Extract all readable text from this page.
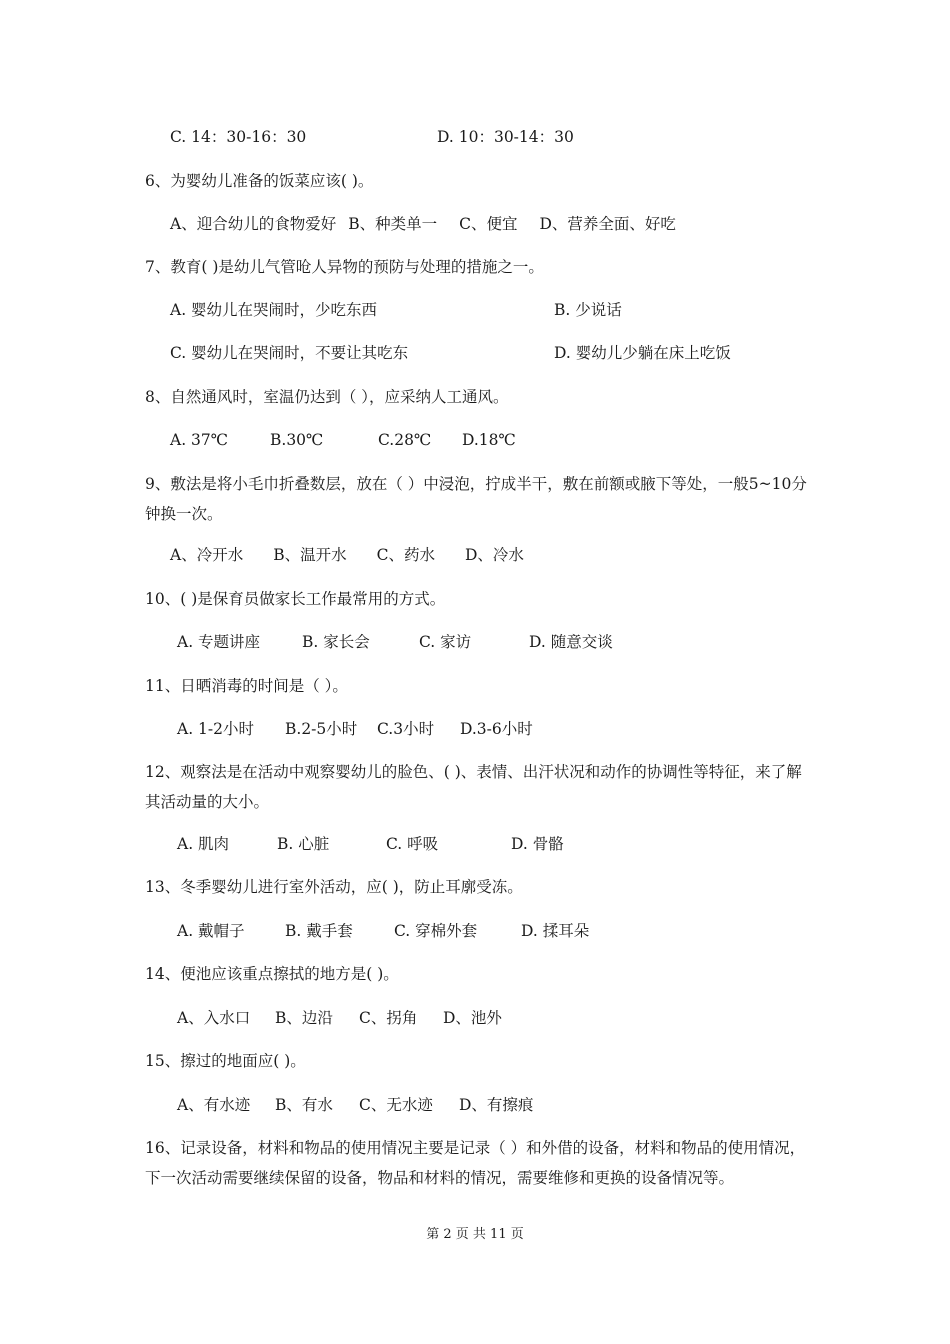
C. 14：30-16：30	D. 10：30-14：30
6、为婴幼儿准备的饭菜应该( )。
A、迎合幼儿的食物爱好 B、种类单一 C、便宜 D、营养全面、好吃
7、教育( )是幼儿气管呛人异物的预防与处理的措施之一。
A. 婴幼儿在哭闹时，少吃东西	B. 少说话
C. 婴幼儿在哭闹时，不要让其吃东	D. 婴幼儿少躺在床上吃饭
8、自然通风时，室温仍达到（ ），应采纳人工通风。
A. 37℃	B.30℃	C.28℃ D.18℃
9、敷法是将小毛巾折叠数层，放在（ ）中浸泡，拧成半干，敷在前额或腋下等处，一般5~10分钟换一次。
A、冷开水 B、温开水 C、药水 D、冷水
10、( )是保育员做家长工作最常用的方式。
A. 专题讲座	B. 家长会	C. 家访	D. 随意交谈
11、日晒消毒的时间是（ ）。
A. 1-2小时 B.2-5小时 C.3小时 D.3-6小时
12、观察法是在活动中观察婴幼儿的脸色、( )、表情、出汗状况和动作的协调性等特征，来了解其活动量的大小。
A. 肌肉	B. 心脏	C. 呼吸	D. 骨骼
13、冬季婴幼儿进行室外活动，应( )，防止耳廓受冻。
A. 戴帽子	B. 戴手套	C. 穿棉外套	D. 揉耳朵
14、便池应该重点擦拭的地方是( )。
A、入水口 B、边沿 C、拐角 D、池外
15、擦过的地面应( )。
A、有水迹 B、有水 C、无水迹 D、有擦痕
16、记录设备，材料和物品的使用情况主要是记录（ ）和外借的设备，材料和物品的使用情况，下一次活动需要继续保留的设备，物品和材料的情况，需要维修和更换的设备情况等。
第 2 页 共 11 页
